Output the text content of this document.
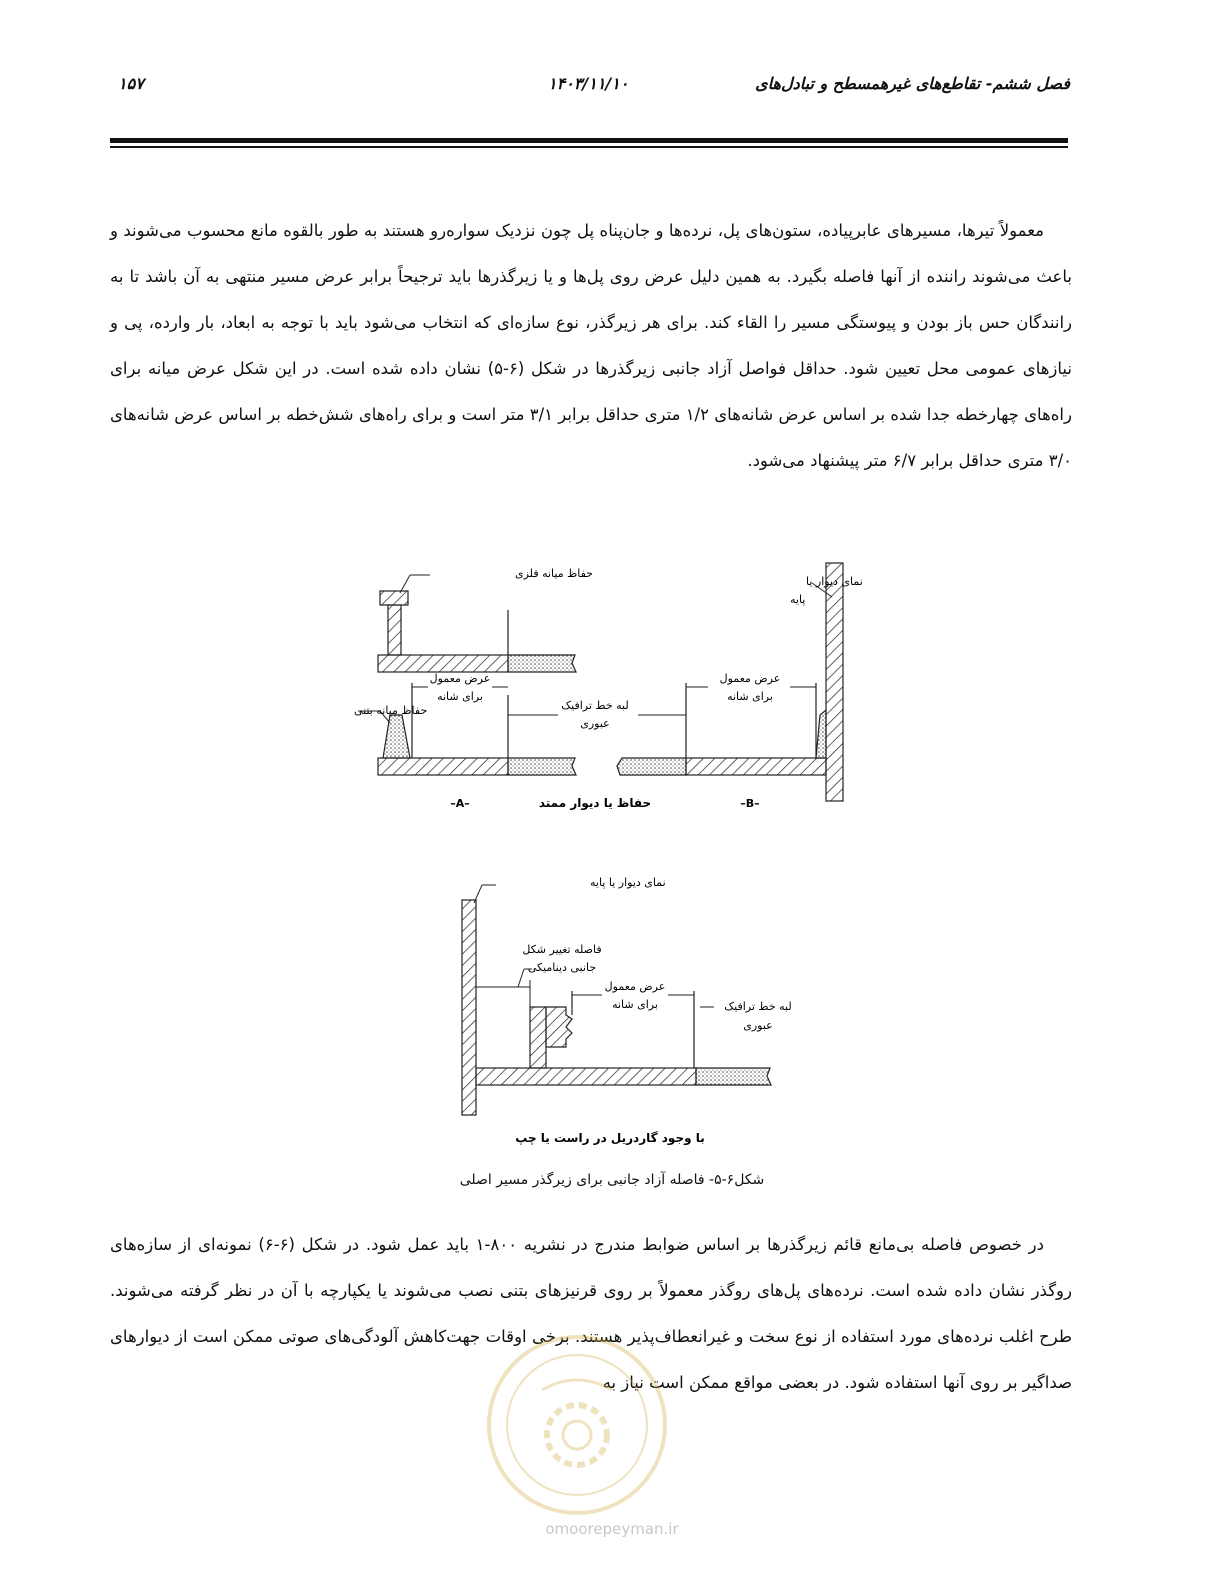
فصل ششم- تقاطع‌های غیرهمسطح و تبادل‌های
۱۴۰۳/۱۱/۱۰
۱۵۷
معمولاً تیرها، مسیرهای عابرپیاده، ستون‌های پل، نرده‌ها و جان‌پناه پل چون نزدیک سواره‌رو هستند به طور بالقوه مانع محسوب می‌شوند و باعث می‌شوند راننده از آنها فاصله بگیرد. به همین دلیل عرض روی پل‌ها و یا زیرگذرها باید ترجیحاً برابر عرض مسیر منتهی به آن باشد تا به رانندگان حس باز بودن و پیوستگی مسیر را القاء کند. برای هر زیرگذر، نوع سازه‌ای که انتخاب می‌شود باید با توجه به ابعاد، بار وارده، پی و نیازهای عمومی محل تعیین شود. حداقل فواصل آزاد جانبی زیرگذرها در شکل (۶-۵) نشان داده شده است. در این شکل عرض میانه برای راه‌های چهارخطه جدا شده بر اساس عرض شانه‌های ۱/۲ متری حداقل برابر ۳/۱ متر است و برای راه‌های شش‌خطه بر اساس عرض شانه‌های ۳/۰ متری حداقل برابر ۶/۷ متر پیشنهاد می‌شود.
حفاظ میانه فلزی
حفاظ میانه بتنی
عرض معمول
برای شانه
–A–
لبه خط ترافیک
عبوری
حفاظ یا دیوار ممتد
نمای دیوار یا
پایه
عرض معمول
برای شانه
–B–
نمای دیوار یا پایه
فاصله تغییر شکل
جانبی دینامیکی
عرض معمول
برای شانه	لبه خط ترافیک
عبوری
با وجود گاردریل در راست یا چپ
شکل۶-۵- فاصله آزاد جانبی برای زیرگذر مسیر اصلی
در خصوص فاصله بی‌مانع قائم زیرگذرها بر اساس ضوابط مندرج در نشریه ۸۰۰-۱ باید عمل شود. در شکل (۶-۶) نمونه‌ای از سازه‌های روگذر نشان داده شده است. نرده‌های پل‌های روگذر معمولاً بر روی قرنیزهای بتنی نصب می‌شوند یا یکپارچه با آن در نظر گرفته می‌شوند. طرح اغلب نرده‌های مورد استفاده از نوع سخت و غیرانعطاف‌پذیر هستند. برخی اوقات جهت‌کاهش آلودگی‌های صوتی ممکن است از دیوارهای صداگیر بر روی آنها استفاده شود. در بعضی مواقع ممکن است نیاز به
omoorepeyman.ir
